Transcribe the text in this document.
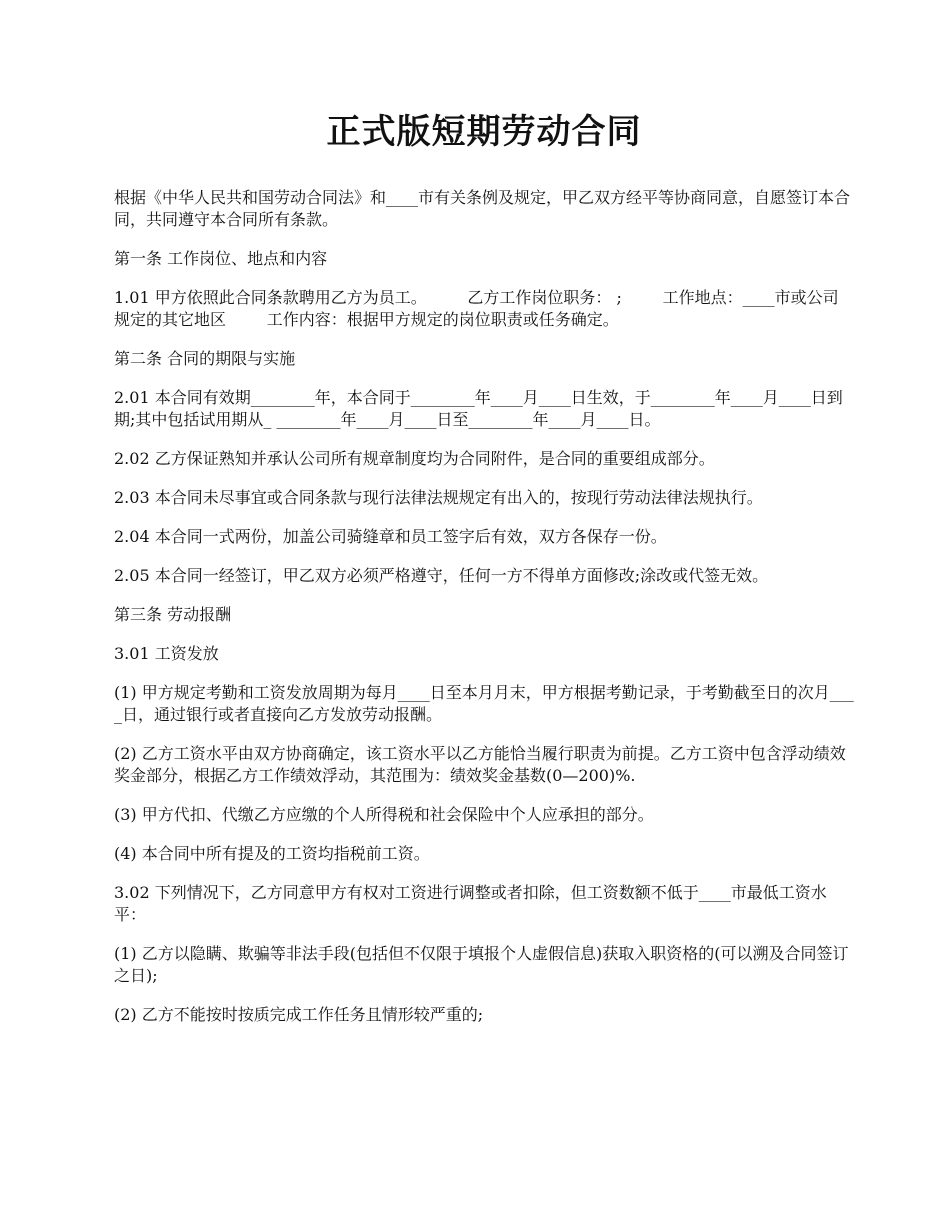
正式版短期劳动合同

根据《中华人民共和国劳动合同法》和____市有关条例及规定，甲乙双方经平等协商同意，自愿签订本合同，共同遵守本合同所有条款。

第一条 工作岗位、地点和内容

1.01 甲方依照此合同条款聘用乙方为员工。        乙方工作岗位职务： ;        工作地点：____市或公司规定的其它地区        工作内容：根据甲方规定的岗位职责或任务确定。

第二条 合同的期限与实施

2.01 本合同有效期________年，本合同于________年____月____日生效，于________年____月____日到期;其中包括试用期从_ ________年____月____日至________年____月____日。

2.02 乙方保证熟知并承认公司所有规章制度均为合同附件，是合同的重要组成部分。

2.03 本合同未尽事宜或合同条款与现行法律法规规定有出入的，按现行劳动法律法规执行。

2.04 本合同一式两份，加盖公司骑缝章和员工签字后有效，双方各保存一份。

2.05 本合同一经签订，甲乙双方必须严格遵守，任何一方不得单方面修改;涂改或代签无效。

第三条 劳动报酬

3.01 工资发放

(1) 甲方规定考勤和工资发放周期为每月____日至本月月末，甲方根据考勤记录，于考勤截至日的次月____日，通过银行或者直接向乙方发放劳动报酬。

(2) 乙方工资水平由双方协商确定，该工资水平以乙方能恰当履行职责为前提。乙方工资中包含浮动绩效奖金部分，根据乙方工作绩效浮动，其范围为：绩效奖金基数(0—200)%.

(3) 甲方代扣、代缴乙方应缴的个人所得税和社会保险中个人应承担的部分。

(4) 本合同中所有提及的工资均指税前工资。

3.02 下列情况下，乙方同意甲方有权对工资进行调整或者扣除，但工资数额不低于____市最低工资水平：

(1) 乙方以隐瞒、欺骗等非法手段(包括但不仅限于填报个人虚假信息)获取入职资格的(可以溯及合同签订之日);

(2) 乙方不能按时按质完成工作任务且情形较严重的;
